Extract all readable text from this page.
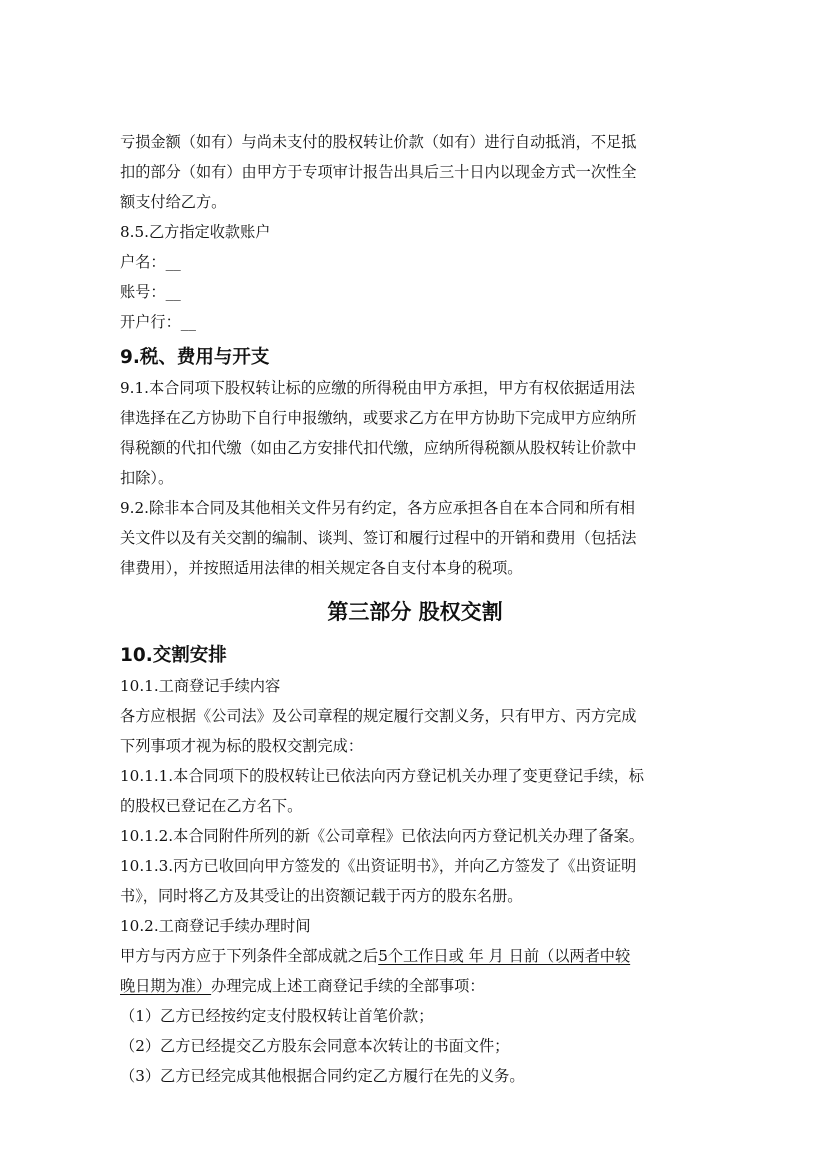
亏损金额（如有）与尚未支付的股权转让价款（如有）进行自动抵消，不足抵

扣的部分（如有）由甲方于专项审计报告出具后三十日内以现金方式一次性全

额支付给乙方。

8.5.乙方指定收款账户

户名：__

账号：__

开户行：__

9.税、费用与开支

9.1.本合同项下股权转让标的应缴的所得税由甲方承担，甲方有权依据适用法

律选择在乙方协助下自行申报缴纳，或要求乙方在甲方协助下完成甲方应纳所

得税额的代扣代缴（如由乙方安排代扣代缴，应纳所得税额从股权转让价款中

扣除）。

9.2.除非本合同及其他相关文件另有约定，各方应承担各自在本合同和所有相

关文件以及有关交割的编制、谈判、签订和履行过程中的开销和费用（包括法

律费用），并按照适用法律的相关规定各自支付本身的税项。

第三部分 股权交割

10.交割安排

10.1.工商登记手续内容

各方应根据《公司法》及公司章程的规定履行交割义务，只有甲方、丙方完成

下列事项才视为标的股权交割完成：

10.1.1.本合同项下的股权转让已依法向丙方登记机关办理了变更登记手续，标

的股权已登记在乙方名下。

10.1.2.本合同附件所列的新《公司章程》已依法向丙方登记机关办理了备案。

10.1.3.丙方已收回向甲方签发的《出资证明书》，并向乙方签发了《出资证明

书》，同时将乙方及其受让的出资额记载于丙方的股东名册。

10.2.工商登记手续办理时间

甲方与丙方应于下列条件全部成就之后5个工作日或 年 月 日前（以两者中较

晚日期为准）办理完成上述工商登记手续的全部事项：

（1）乙方已经按约定支付股权转让首笔价款；

（2）乙方已经提交乙方股东会同意本次转让的书面文件；

（3）乙方已经完成其他根据合同约定乙方履行在先的义务。
